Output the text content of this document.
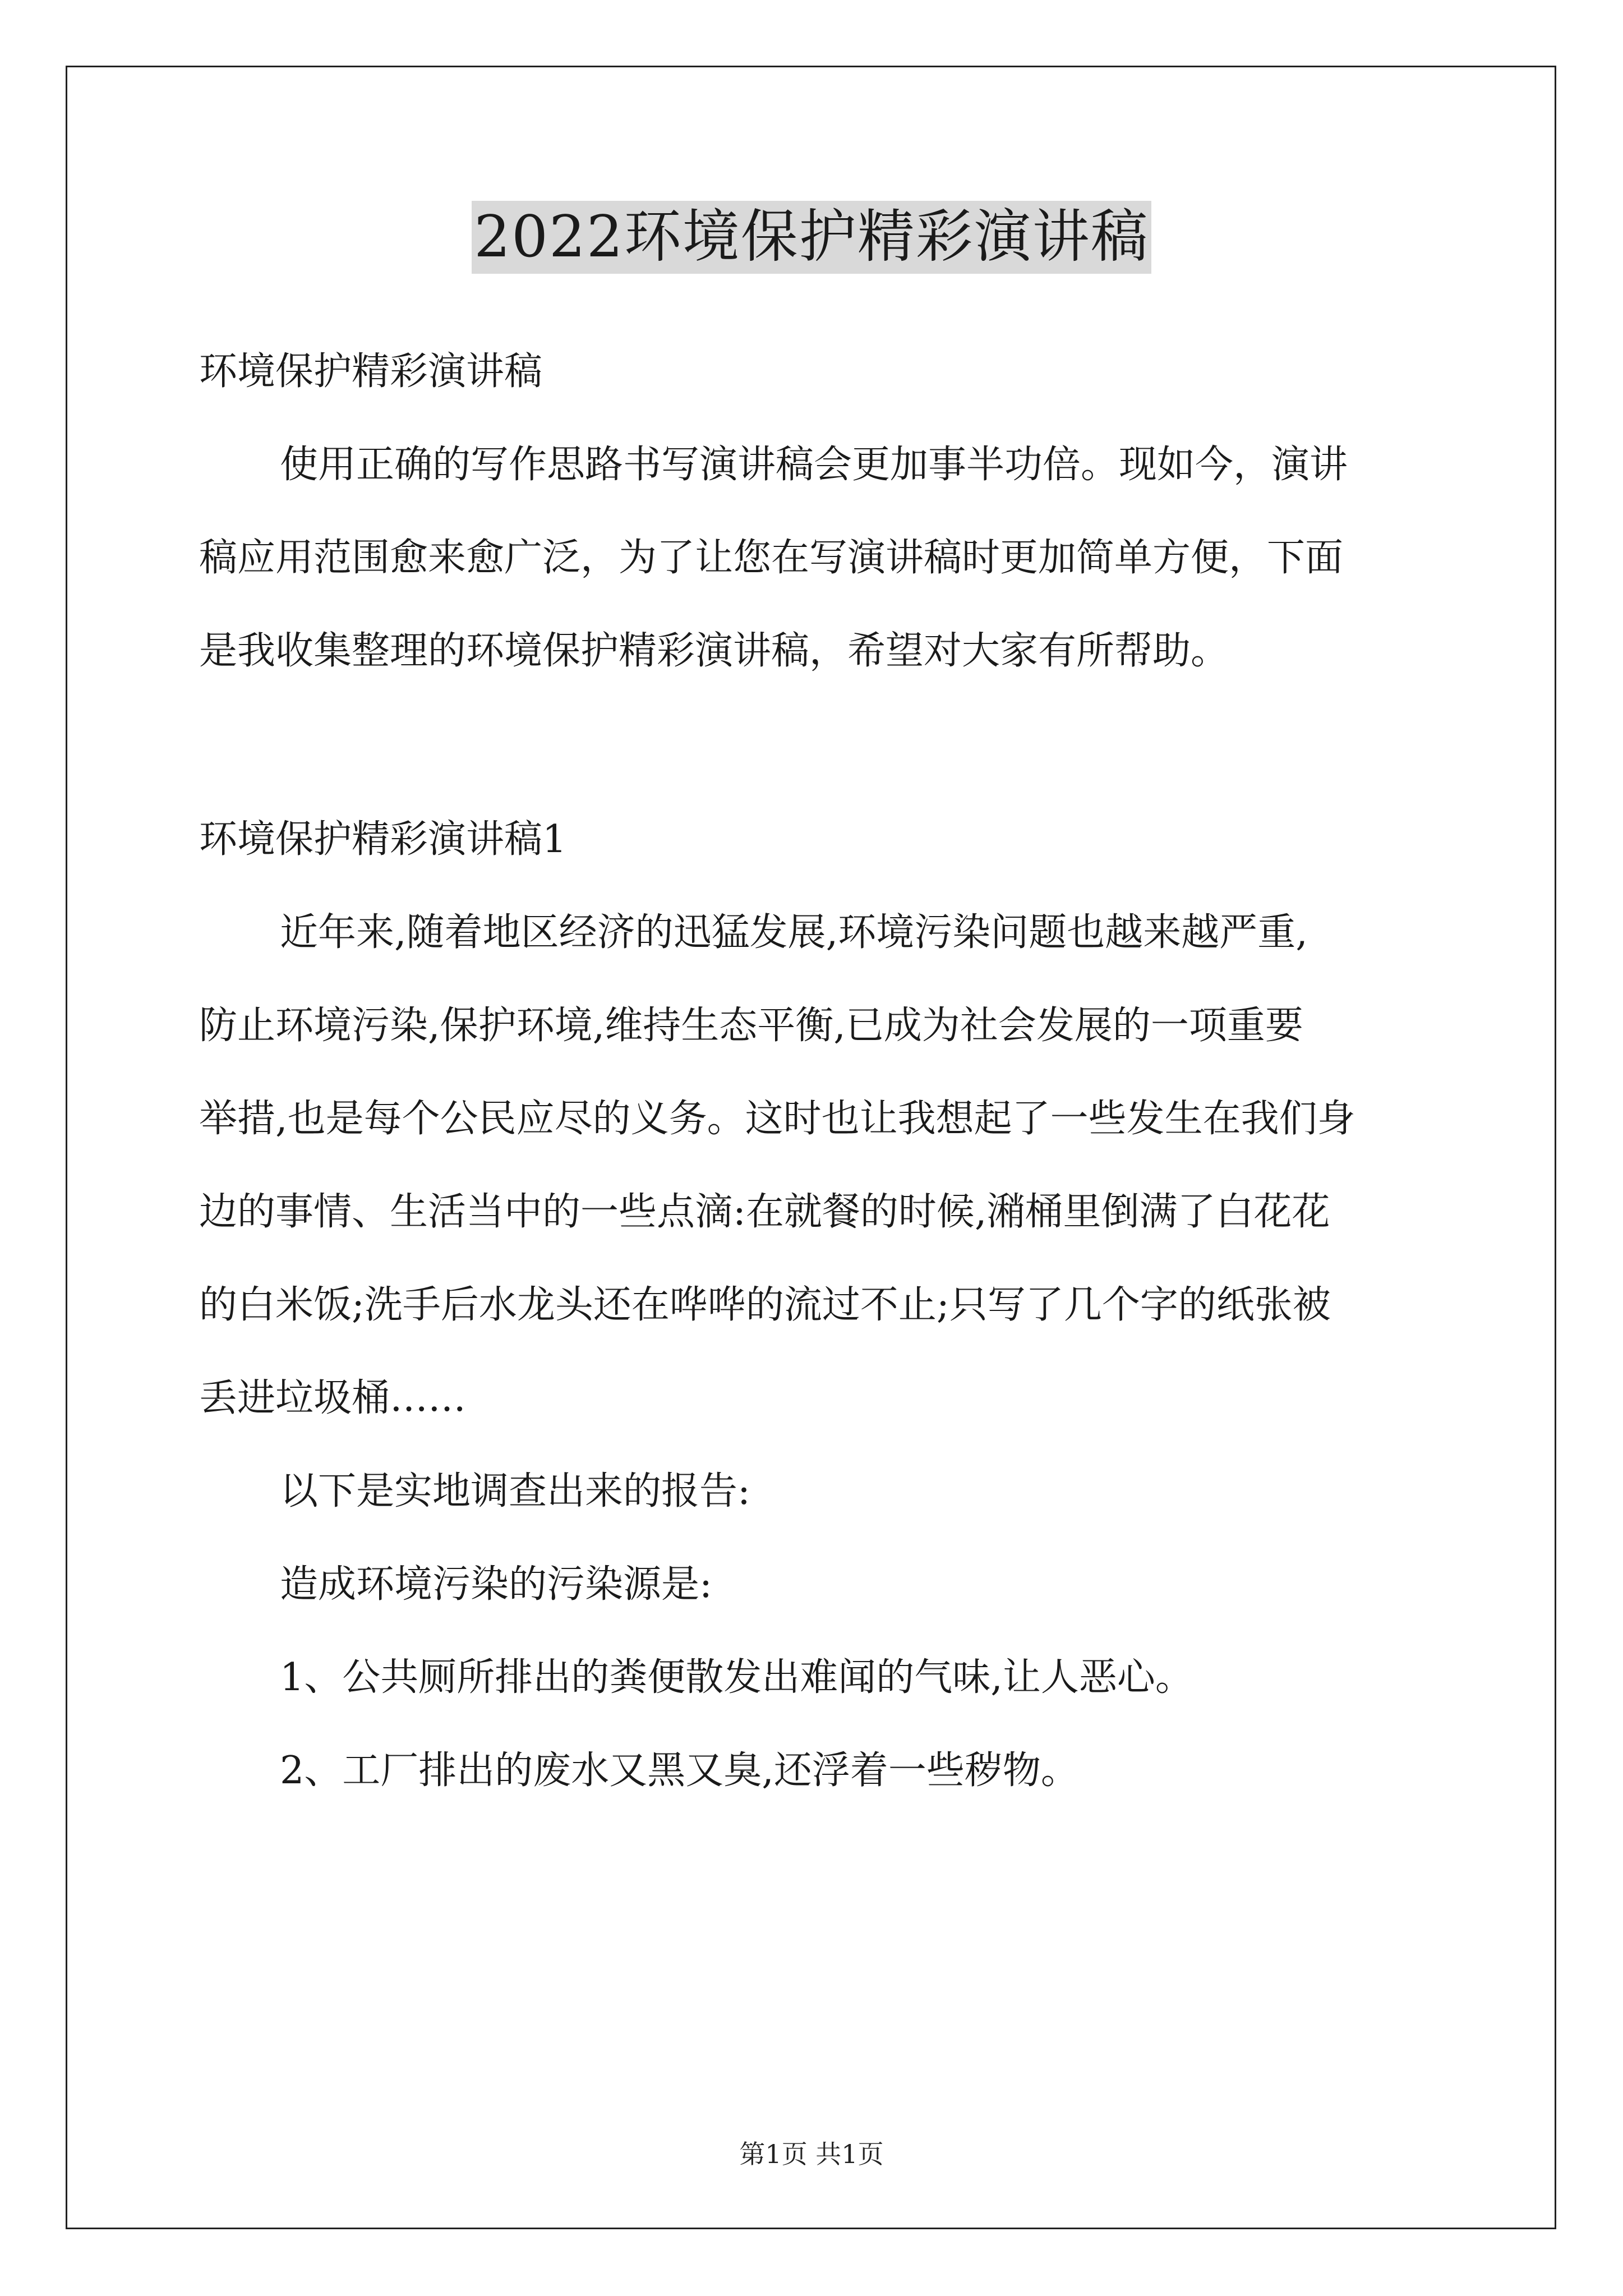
2022环境保护精彩演讲稿

环境保护精彩演讲稿

使用正确的写作思路书写演讲稿会更加事半功倍。现如今，演讲
稿应用范围愈来愈广泛，为了让您在写演讲稿时更加简单方便，下面
是我收集整理的环境保护精彩演讲稿，希望对大家有所帮助。

环境保护精彩演讲稿1

近年来,随着地区经济的迅猛发展,环境污染问题也越来越严重,
防止环境污染,保护环境,维持生态平衡,已成为社会发展的一项重要
举措,也是每个公民应尽的义务。这时也让我想起了一些发生在我们身
边的事情、生活当中的一些点滴:在就餐的时候,潲桶里倒满了白花花
的白米饭;洗手后水龙头还在哗哗的流过不止;只写了几个字的纸张被
丢进垃圾桶……

以下是实地调查出来的报告:

造成环境污染的污染源是:

1、公共厕所排出的粪便散发出难闻的气味,让人恶心。

2、工厂排出的废水又黑又臭,还浮着一些秽物。

第1页 共1页
